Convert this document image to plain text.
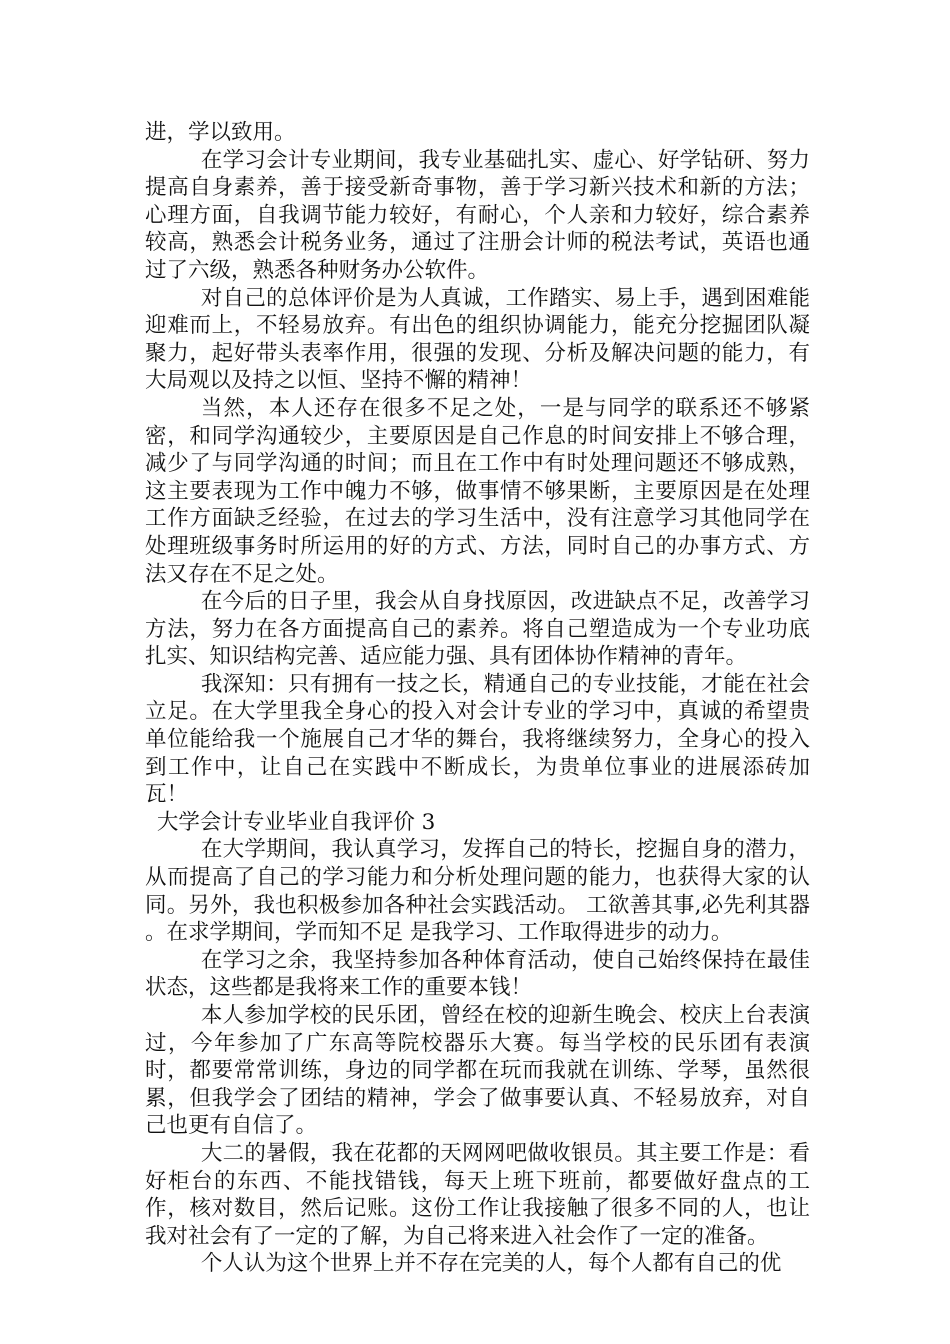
进，学以致用。

在学习会计专业期间，我专业基础扎实、虚心、好学钻研、努力提高自身素养，善于接受新奇事物，善于学习新兴技术和新的方法；心理方面，自我调节能力较好，有耐心，个人亲和力较好，综合素养较高，熟悉会计税务业务，通过了注册会计师的税法考试，英语也通过了六级，熟悉各种财务办公软件。

对自己的总体评价是为人真诚，工作踏实、易上手，遇到困难能迎难而上，不轻易放弃。有出色的组织协调能力，能充分挖掘团队凝聚力，起好带头表率作用，很强的发现、分析及解决问题的能力，有大局观以及持之以恒、坚持不懈的精神！

当然，本人还存在很多不足之处，一是与同学的联系还不够紧密，和同学沟通较少，主要原因是自己作息的时间安排上不够合理，减少了与同学沟通的时间；而且在工作中有时处理问题还不够成熟，这主要表现为工作中魄力不够，做事情不够果断，主要原因是在处理工作方面缺乏经验，在过去的学习生活中，没有注意学习其他同学在处理班级事务时所运用的好的方式、方法，同时自己的办事方式、方法又存在不足之处。

在今后的日子里，我会从自身找原因，改进缺点不足，改善学习方法，努力在各方面提高自己的素养。将自己塑造成为一个专业功底扎实、知识结构完善、适应能力强、具有团体协作精神的青年。

我深知：只有拥有一技之长，精通自己的专业技能，才能在社会立足。在大学里我全身心的投入对会计专业的学习中，真诚的希望贵单位能给我一个施展自己才华的舞台，我将继续努力，全身心的投入到工作中，让自己在实践中不断成长，为贵单位事业的进展添砖加瓦！

大学会计专业毕业自我评价 3

在大学期间，我认真学习，发挥自己的特长，挖掘自身的潜力，从而提高了自己的学习能力和分析处理问题的能力，也获得大家的认同。另外，我也积极参加各种社会实践活动。 工欲善其事,必先利其器 。在求学期间，学而知不足 是我学习、工作取得进步的动力。

在学习之余，我坚持参加各种体育活动，使自己始终保持在最佳状态，这些都是我将来工作的重要本钱！

本人参加学校的民乐团，曾经在校的迎新生晚会、校庆上台表演过，今年参加了广东高等院校器乐大赛。每当学校的民乐团有表演时，都要常常训练，身边的同学都在玩而我就在训练、学琴，虽然很累，但我学会了团结的精神，学会了做事要认真、不轻易放弃，对自己也更有自信了。

大二的暑假，我在花都的天网网吧做收银员。其主要工作是：看好柜台的东西、不能找错钱，每天上班下班前，都要做好盘点的工作，核对数目，然后记账。这份工作让我接触了很多不同的人，也让我对社会有了一定的了解，为自己将来进入社会作了一定的准备。

个人认为这个世界上并不存在完美的人，每个人都有自己的优
